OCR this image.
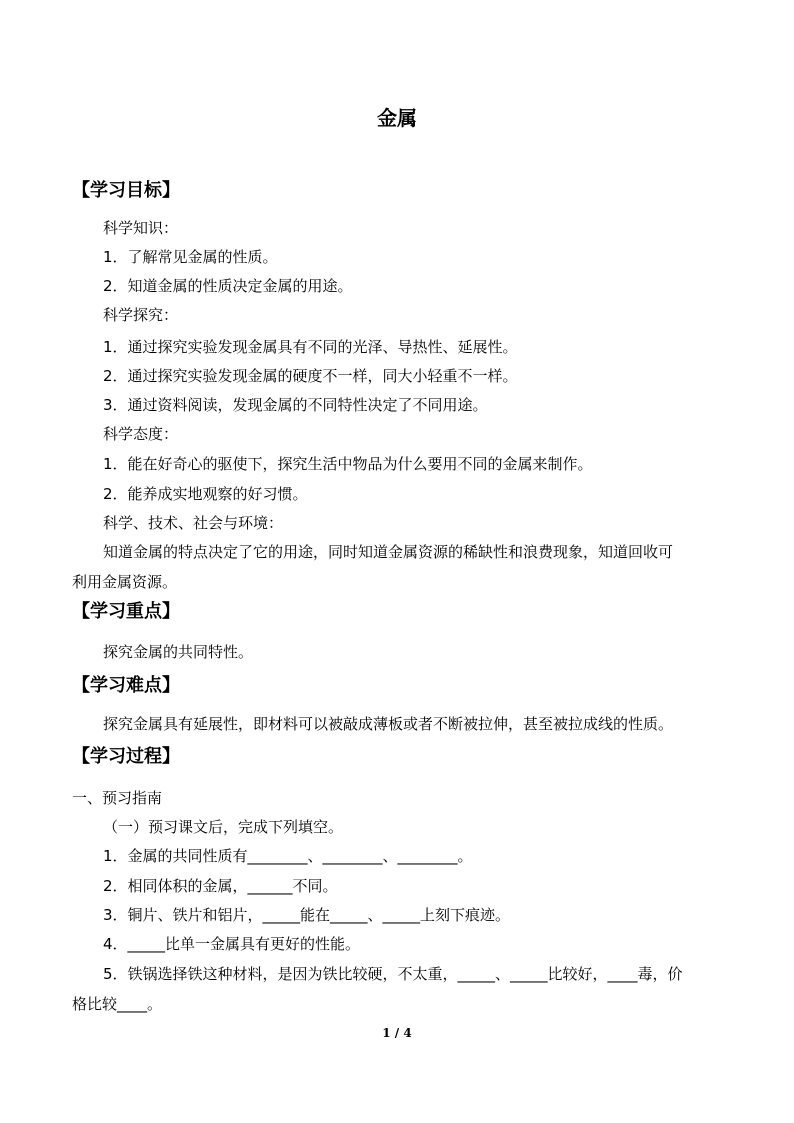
金属
【学习目标】
科学知识：
1．了解常见金属的性质。
2．知道金属的性质决定金属的用途。
科学探究：
1．通过探究实验发现金属具有不同的光泽、导热性、延展性。
2．通过探究实验发现金属的硬度不一样，同大小轻重不一样。
3．通过资料阅读，发现金属的不同特性决定了不同用途。
科学态度：
1．能在好奇心的驱使下，探究生活中物品为什么要用不同的金属来制作。
2．能养成实地观察的好习惯。
科学、技术、社会与环境：
知道金属的特点决定了它的用途，同时知道金属资源的稀缺性和浪费现象，知道回收可
利用金属资源。
【学习重点】
探究金属的共同特性。
【学习难点】
探究金属具有延展性，即材料可以被敲成薄板或者不断被拉伸，甚至被拉成线的性质。
【学习过程】
一、预习指南
（一）预习课文后，完成下列填空。
1．金属的共同性质有________、________、________。
2．相同体积的金属，______不同。
3．铜片、铁片和铝片，_____能在_____、_____上刻下痕迹。
4．_____比单一金属具有更好的性能。
5．铁锅选择铁这种材料，是因为铁比较硬，不太重，_____、_____比较好，____毒，价
格比较____。
1 / 4
